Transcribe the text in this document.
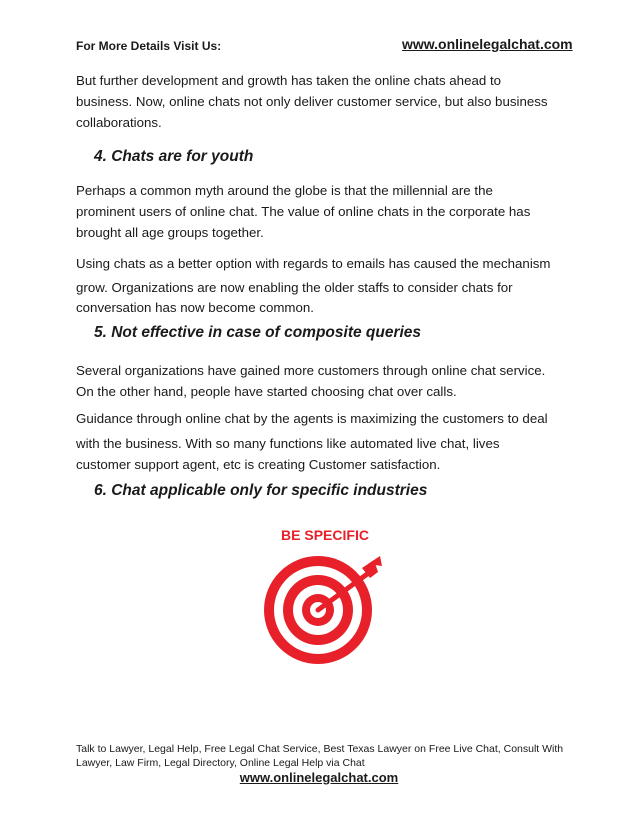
For More Details Visit Us:	www.onlinelegalchat.com
But further development and growth has taken the online chats ahead to
business. Now, online chats not only deliver customer service, but also business
collaborations.
4. Chats are for youth
Perhaps a common myth around the globe is that the millennial are the
prominent users of online chat. The value of online chats in the corporate has
brought all age groups together.
Using chats as a better option with regards to emails has caused the mechanism
grow. Organizations are now enabling the older staffs to consider chats for
conversation has now become common.
5. Not effective in case of composite queries
Several organizations have gained more customers through online chat service.
On the other hand, people have started choosing chat over calls.
Guidance through online chat by the agents is maximizing the customers to deal
with the business. With so many functions like automated live chat, lives
customer support agent, etc is creating Customer satisfaction.
6. Chat applicable only for specific industries
BE SPECIFIC
Talk to Lawyer, Legal Help, Free Legal Chat Service, Best Texas Lawyer on Free Live Chat, Consult With
Lawyer, Law Firm, Legal Directory, Online Legal Help via Chat
www.onlinelegalchat.com
